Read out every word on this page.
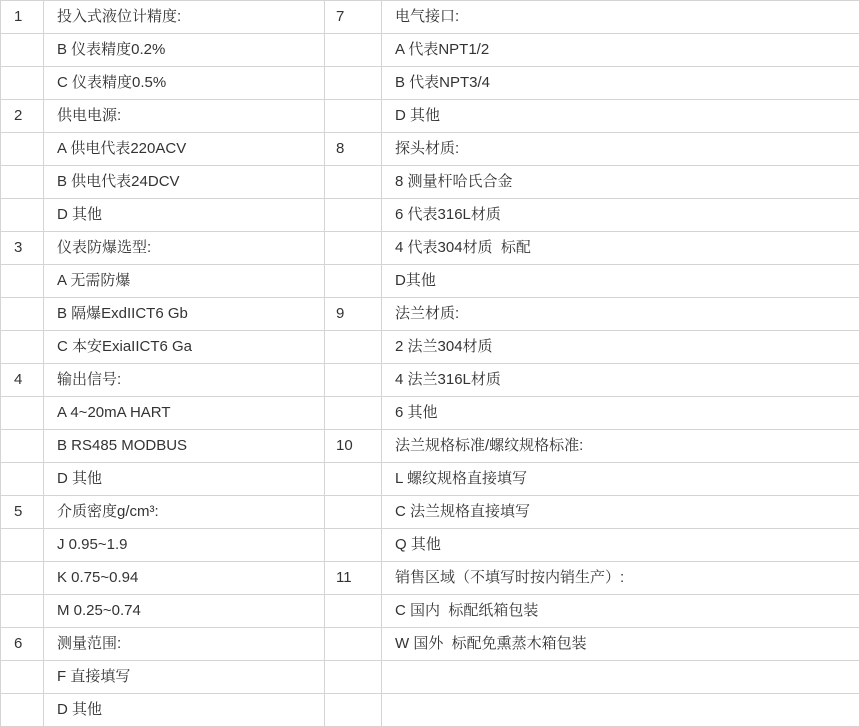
1	投入式液位计精度:	7	电气接口:
	B 仪表精度0.2%		A 代表NPT1/2
	C 仪表精度0.5%		B 代表NPT3/4
2	供电电源:		D 其他
	A 供电代表220ACV	8	探头材质:
	B 供电代表24DCV		8 测量杆哈氏合金
	D 其他		6 代表316L材质
3	仪表防爆选型:		4 代表304材质  标配
	A 无需防爆		D其他
	B 隔爆ExdIICT6 Gb	9	法兰材质:
	C 本安ExiaIICT6 Ga		2 法兰304材质
4	输出信号:		4 法兰316L材质
	A 4~20mA HART		6 其他
	B RS485 MODBUS	10	法兰规格标准/螺纹规格标准:
	D 其他		L 螺纹规格直接填写
5	介质密度g/cm³:		C 法兰规格直接填写
	J 0.95~1.9		Q 其他
	K 0.75~0.94	11	销售区域（不填写时按内销生产）:
	M 0.25~0.74		C 国内  标配纸箱包装
6	测量范围:		W 国外  标配免熏蒸木箱包装
	F 直接填写		
	D 其他		
